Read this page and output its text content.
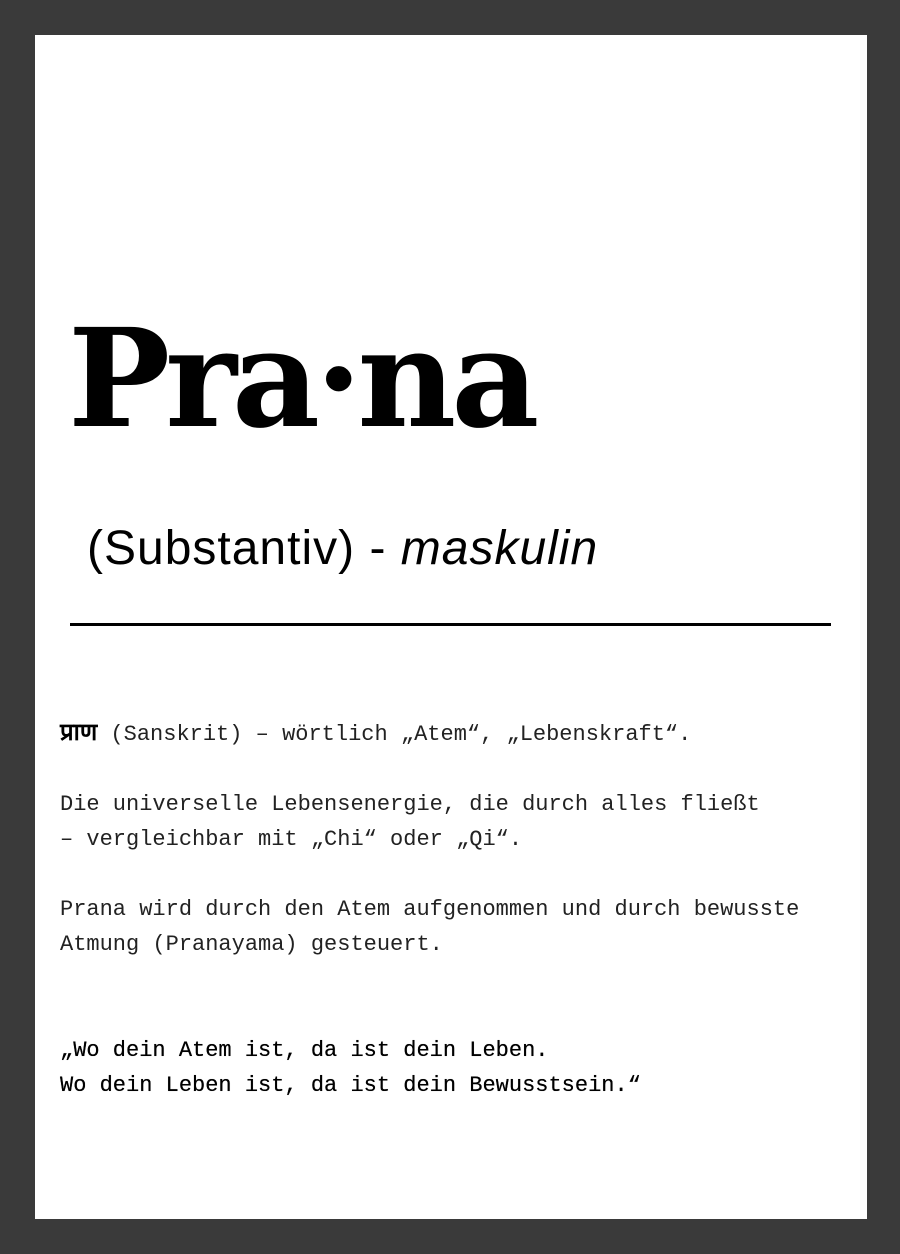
Pra·na
(Substantiv) - maskulin
प्राण (Sanskrit) – wörtlich „Atem“, „Lebenskraft“.
Die universelle Lebensenergie, die durch alles fließt
– vergleichbar mit „Chi“ oder „Qi“.
Prana wird durch den Atem aufgenommen und durch bewusste
Atmung (Pranayama) gesteuert.
„Wo dein Atem ist, da ist dein Leben.
Wo dein Leben ist, da ist dein Bewusstsein.“
